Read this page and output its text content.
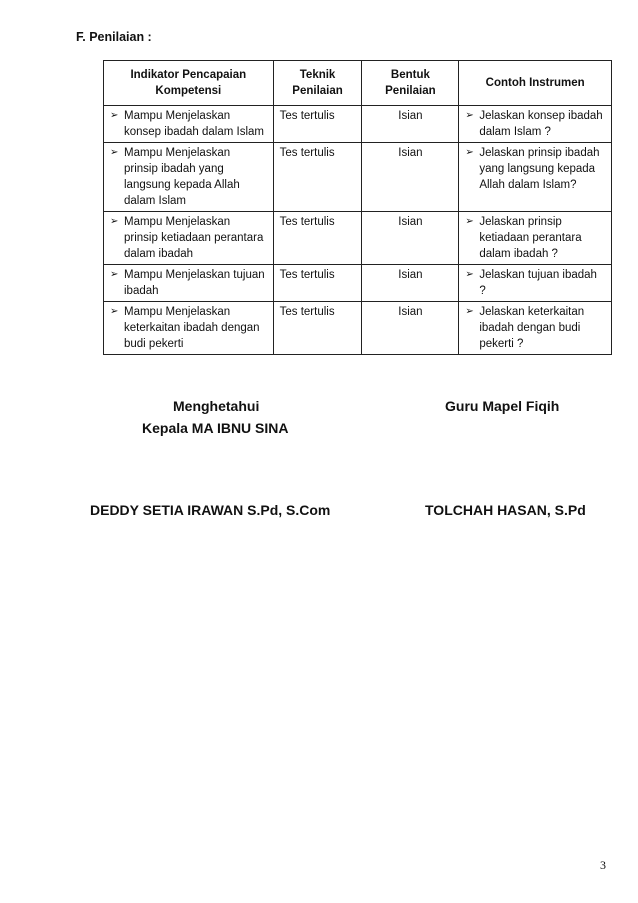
F. Penilaian :
Indikator Pencapaian Kompetensi	Teknik Penilaian	Bentuk Penilaian	Contoh Instrumen

➢ Mampu Menjelaskan konsep ibadah dalam Islam	Tes tertulis	Isian	➢ Jelaskan konsep ibadah dalam Islam ?

➢ Mampu Menjelaskan prinsip ibadah yang langsung kepada Allah dalam Islam	Tes tertulis	Isian	➢ Jelaskan prinsip ibadah yang langsung kepada Allah dalam Islam?

➢ Mampu Menjelaskan prinsip ketiadaan perantara dalam ibadah	Tes tertulis	Isian	➢ Jelaskan prinsip ketiadaan perantara dalam ibadah ?

➢ Mampu Menjelaskan tujuan ibadah	Tes tertulis	Isian	➢ Jelaskan tujuan ibadah ?

➢ Mampu Menjelaskan keterkaitan ibadah dengan budi pekerti	Tes tertulis	Isian	➢ Jelaskan keterkaitan ibadah dengan budi pekerti ?
Menghetahui
Kepala MA IBNU SINA
Guru Mapel Fiqih
DEDDY SETIA IRAWAN S.Pd, S.Com	TOLCHAH HASAN, S.Pd
3
